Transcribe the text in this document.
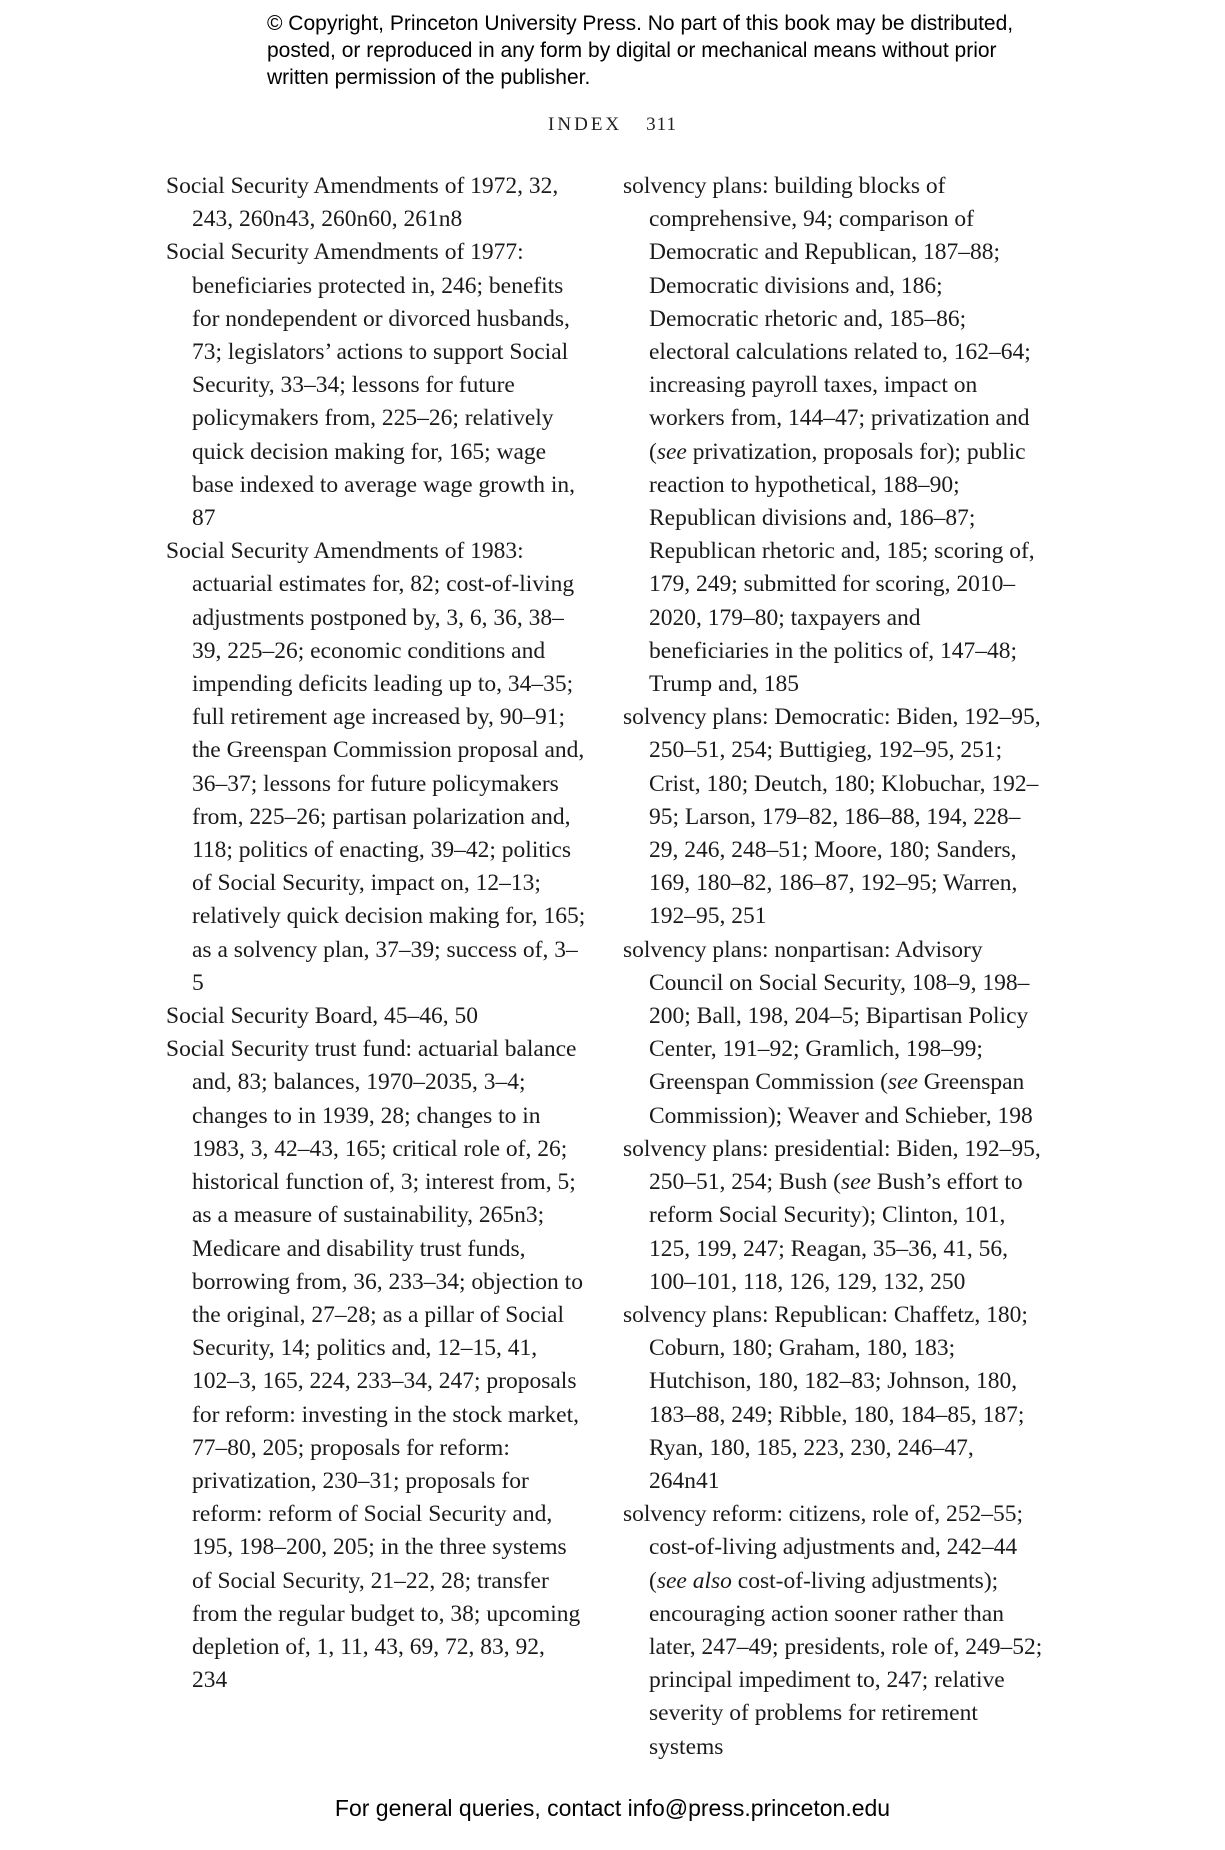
© Copyright, Princeton University Press. No part of this book may be distributed, posted, or reproduced in any form by digital or mechanical means without prior written permission of the publisher.
INDEX 311

Social Security Amendments of 1972, 32, 243, 260n43, 260n60, 261n8

Social Security Amendments of 1977: beneficiaries protected in, 246; benefits for nondependent or divorced husbands, 73; legislators’ actions to support Social Security, 33–34; lessons for future policymakers from, 225–26; relatively quick decision making for, 165; wage base indexed to average wage growth in, 87

Social Security Amendments of 1983: actuarial estimates for, 82; cost-of-living adjustments postponed by, 3, 6, 36, 38–39, 225–26; economic conditions and impending deficits leading up to, 34–35; full retirement age increased by, 90–91; the Greenspan Commission proposal and, 36–37; lessons for future policymakers from, 225–26; partisan polarization and, 118; politics of enacting, 39–42; politics of Social Security, impact on, 12–13; relatively quick decision making for, 165; as a solvency plan, 37–39; success of, 3–5

Social Security Board, 45–46, 50

Social Security trust fund: actuarial balance and, 83; balances, 1970–2035, 3–4; changes to in 1939, 28; changes to in 1983, 3, 42–43, 165; critical role of, 26; historical function of, 3; interest from, 5; as a measure of sustainability, 265n3; Medicare and disability trust funds, borrowing from, 36, 233–34; objection to the original, 27–28; as a pillar of Social Security, 14; politics and, 12–15, 41, 102–3, 165, 224, 233–34, 247; proposals for reform: investing in the stock market, 77–80, 205; proposals for reform: privatization, 230–31; proposals for reform: reform of Social Security and, 195, 198–200, 205; in the three systems of Social Security, 21–22, 28; transfer from the regular budget to, 38; upcoming depletion of, 1, 11, 43, 69, 72, 83, 92, 234

solvency plans: building blocks of comprehensive, 94; comparison of Democratic and Republican, 187–88; Democratic divisions and, 186; Democratic rhetoric and, 185–86; electoral calculations related to, 162–64; increasing payroll taxes, impact on workers from, 144–47; privatization and (see privatization, proposals for); public reaction to hypothetical, 188–90; Republican divisions and, 186–87; Republican rhetoric and, 185; scoring of, 179, 249; submitted for scoring, 2010–2020, 179–80; taxpayers and beneficiaries in the politics of, 147–48; Trump and, 185

solvency plans: Democratic: Biden, 192–95, 250–51, 254; Buttigieg, 192–95, 251; Crist, 180; Deutch, 180; Klobuchar, 192–95; Larson, 179–82, 186–88, 194, 228–29, 246, 248–51; Moore, 180; Sanders, 169, 180–82, 186–87, 192–95; Warren, 192–95, 251

solvency plans: nonpartisan: Advisory Council on Social Security, 108–9, 198–200; Ball, 198, 204–5; Bipartisan Policy Center, 191–92; Gramlich, 198–99; Greenspan Commission (see Greenspan Commission); Weaver and Schieber, 198

solvency plans: presidential: Biden, 192–95, 250–51, 254; Bush (see Bush’s effort to reform Social Security); Clinton, 101, 125, 199, 247; Reagan, 35–36, 41, 56, 100–101, 118, 126, 129, 132, 250

solvency plans: Republican: Chaffetz, 180; Coburn, 180; Graham, 180, 183; Hutchison, 180, 182–83; Johnson, 180, 183–88, 249; Ribble, 180, 184–85, 187; Ryan, 180, 185, 223, 230, 246–47, 264n41

solvency reform: citizens, role of, 252–55; cost-of-living adjustments and, 242–44 (see also cost-of-living adjustments); encouraging action sooner rather than later, 247–49; presidents, role of, 249–52; principal impediment to, 247; relative severity of problems for retirement systems

For general queries, contact info@press.princeton.edu
